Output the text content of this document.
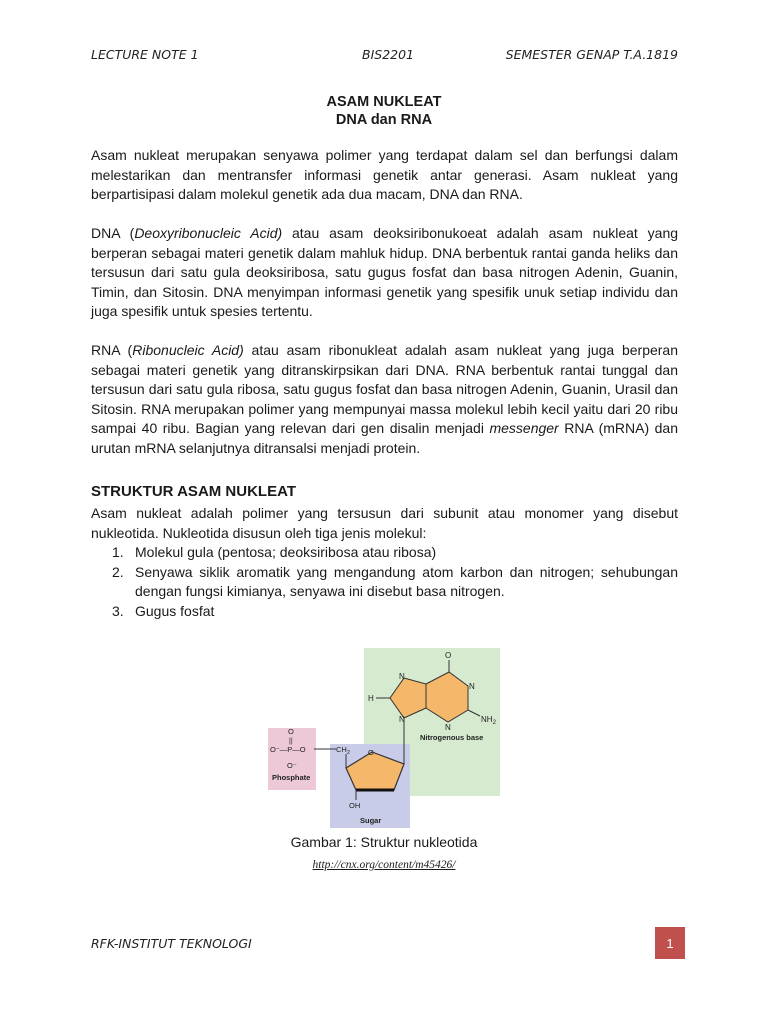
LECTURE NOTE 1	BIS2201	SEMESTER GENAP T.A.1819
ASAM NUKLEAT
DNA dan RNA

Asam nukleat merupakan senyawa polimer yang terdapat dalam sel dan berfungsi dalam melestarikan dan mentransfer informasi genetik antar generasi. Asam nukleat yang berpartisipasi dalam molekul genetik ada dua macam, DNA dan RNA.

DNA (Deoxyribonucleic Acid) atau asam deoksiribonukoeat adalah asam nukleat yang berperan sebagai materi genetik dalam mahluk hidup. DNA berbentuk rantai ganda heliks dan tersusun dari satu gula deoksiribosa, satu gugus fosfat dan basa nitrogen Adenin, Guanin, Timin, dan Sitosin. DNA menyimpan informasi genetik yang spesifik unuk setiap individu dan juga spesifik untuk spesies tertentu.

RNA (Ribonucleic Acid) atau asam ribonukleat adalah asam nukleat yang juga berperan sebagai materi genetik yang ditranskirpsikan dari DNA. RNA berbentuk rantai tunggal dan tersusun dari satu gula ribosa, satu gugus fosfat dan basa nitrogen Adenin, Guanin, Urasil dan Sitosin. RNA merupakan polimer yang mempunyai massa molekul lebih kecil yaitu dari 20 ribu sampai 40 ribu. Bagian yang relevan dari gen disalin menjadi messenger RNA (mRNA) dan urutan mRNA selanjutnya ditransalsi menjadi protein.

STRUKTUR ASAM NUKLEAT

Asam nukleat adalah polimer yang tersusun dari subunit atau monomer yang disebut nukleotida. Nukleotida disusun oleh tiga jenis molekul:

1. Molekul gula (pentosa; deoksiribosa atau ribosa)
2. Senyawa siklik aromatik yang mengandung atom karbon dan nitrogen; sehubungan dengan fungsi kimianya, senyawa ini disebut basa nitrogen.
3. Gugus fosfat
O
N
N
N
N
H
$NH_2$
Nitrogenous base
O
||
O⁻—P—O
O⁻
Phosphate
$CH_2$ O
OH
Sugar
Gambar 1: Struktur nukleotida
http://cnx.org/content/m45426/
RFK-INSTITUT TEKNOLOGI	1
